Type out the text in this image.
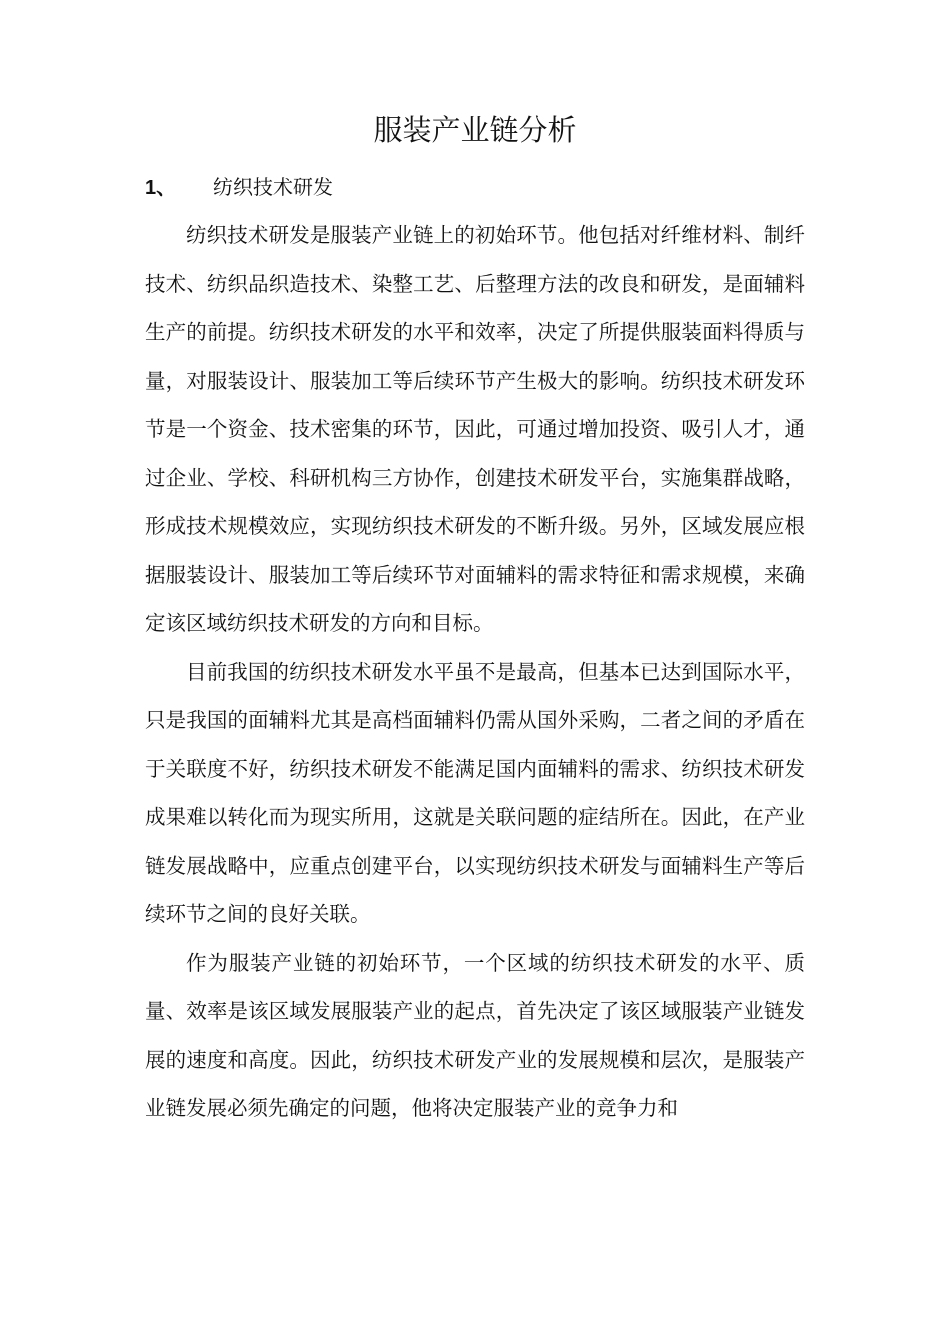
服装产业链分析
1、 纺织技术研发

纺织技术研发是服装产业链上的初始环节。他包括对纤维材料、制纤技术、纺织品织造技术、染整工艺、后整理方法的改良和研发，是面辅料生产的前提。纺织技术研发的水平和效率，决定了所提供服装面料得质与量，对服装设计、服装加工等后续环节产生极大的影响。纺织技术研发环节是一个资金、技术密集的环节，因此，可通过增加投资、吸引人才，通过企业、学校、科研机构三方协作，创建技术研发平台，实施集群战略，形成技术规模效应，实现纺织技术研发的不断升级。另外，区域发展应根据服装设计、服装加工等后续环节对面辅料的需求特征和需求规模，来确定该区域纺织技术研发的方向和目标。

目前我国的纺织技术研发水平虽不是最高，但基本已达到国际水平，只是我国的面辅料尤其是高档面辅料仍需从国外采购，二者之间的矛盾在于关联度不好，纺织技术研发不能满足国内面辅料的需求、纺织技术研发成果难以转化而为现实所用，这就是关联问题的症结所在。因此，在产业链发展战略中，应重点创建平台，以实现纺织技术研发与面辅料生产等后续环节之间的良好关联。

作为服装产业链的初始环节，一个区域的纺织技术研发的水平、质量、效率是该区域发展服装产业的起点，首先决定了该区域服装产业链发展的速度和高度。因此，纺织技术研发产业的发展规模和层次，是服装产业链发展必须先确定的问题，他将决定服装产业的竞争力和
